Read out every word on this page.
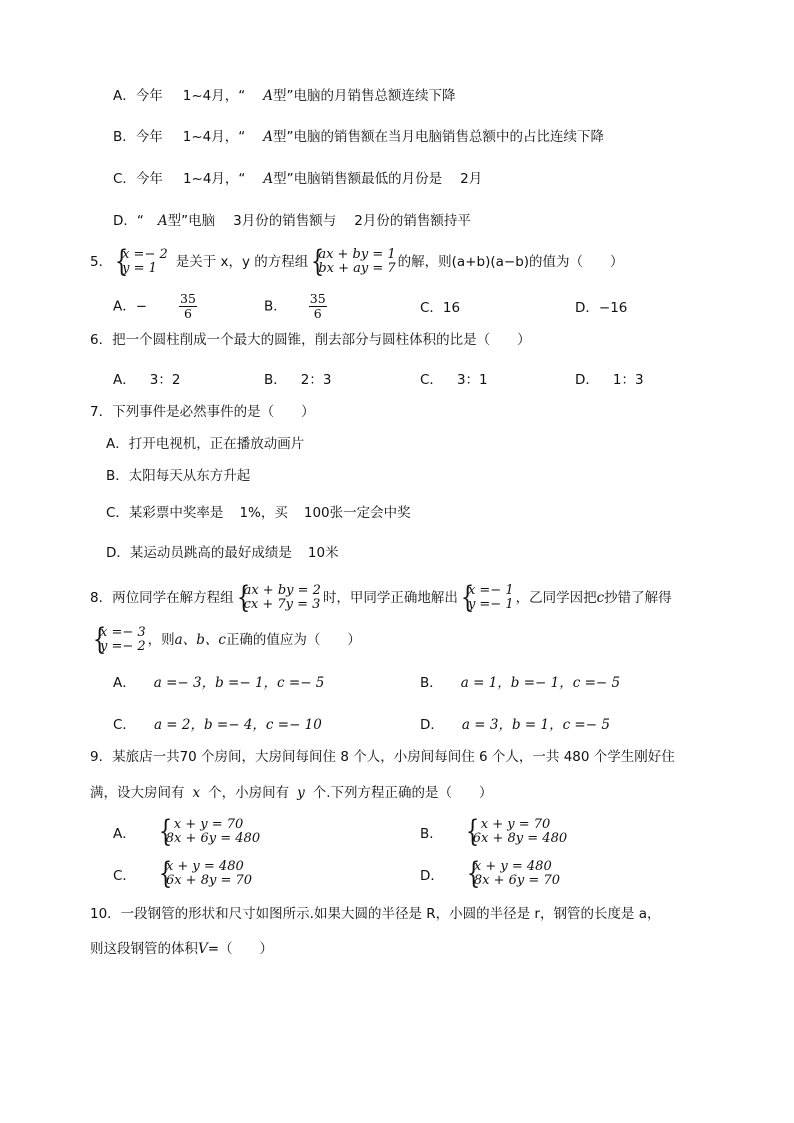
A．今年 1~4月，“ A型”电脑的月销售总额连续下降
B．今年 1~4月，“ A型”电脑的销售额在当月电脑销售总额中的占比连续下降
C．今年 1~4月，“ A型”电脑销售额最低的月份是 2月
D．“ A型”电脑 3月份的销售额与 2月份的销售额持平
5． { x =− 2
y = 1	是关于 x，y 的方程组 { ax + by = 1
bx + ay = 7 的解，则(a+b)(a−b)的值为（　　）
A．−	$\frac{35}{6}$	B． $\frac{35}{6}$	C．16	D．−16
6．把一个圆柱削成一个最大的圆锥，削去部分与圆柱体积的比是（　　）
A． 3：2	B． 2：3	C． 3：1	D． 1：3
7．下列事件是必然事件的是（　　）
A．打开电视机，正在播放动画片
B．太阳每天从东方升起
C．某彩票中奖率是 1%，买 100张一定会中奖
D．某运动员跳高的最好成绩是 10米
8．两位同学在解方程组 { ax + by = 2
cx + 7y = 3 时，甲同学正确地解出 { x =− 1
y =− 1 ，乙同学因把c抄错了解得
{ x =− 3
y =− 2 ，则a、b、c正确的值应为（　　）
A． a =− 3，b =− 1，c =− 5	B． a = 1，b =− 1，c =− 5
C． a = 2，b =− 4，c =− 10	D． a = 3，b = 1，c =− 5
9．某旅店一共70 个房间，大房间每间住 8 个人，小房间每间住 6 个人，一共 480 个学生刚好住
满，设大房间有 x 个，小房间有 y 个.下列方程正确的是（　　）
A．
{ x + y = 70
8x + 6y = 480	B．
{ x + y = 70
6x + 8y = 480
C．
{ x + y = 480
6x + 8y = 70	D．
{ x + y = 480
8x + 6y = 70
10．一段钢管的形状和尺寸如图所示.如果大圆的半径是 R，小圆的半径是 r，钢管的长度是 a，
则这段钢管的体积V=（　　）
